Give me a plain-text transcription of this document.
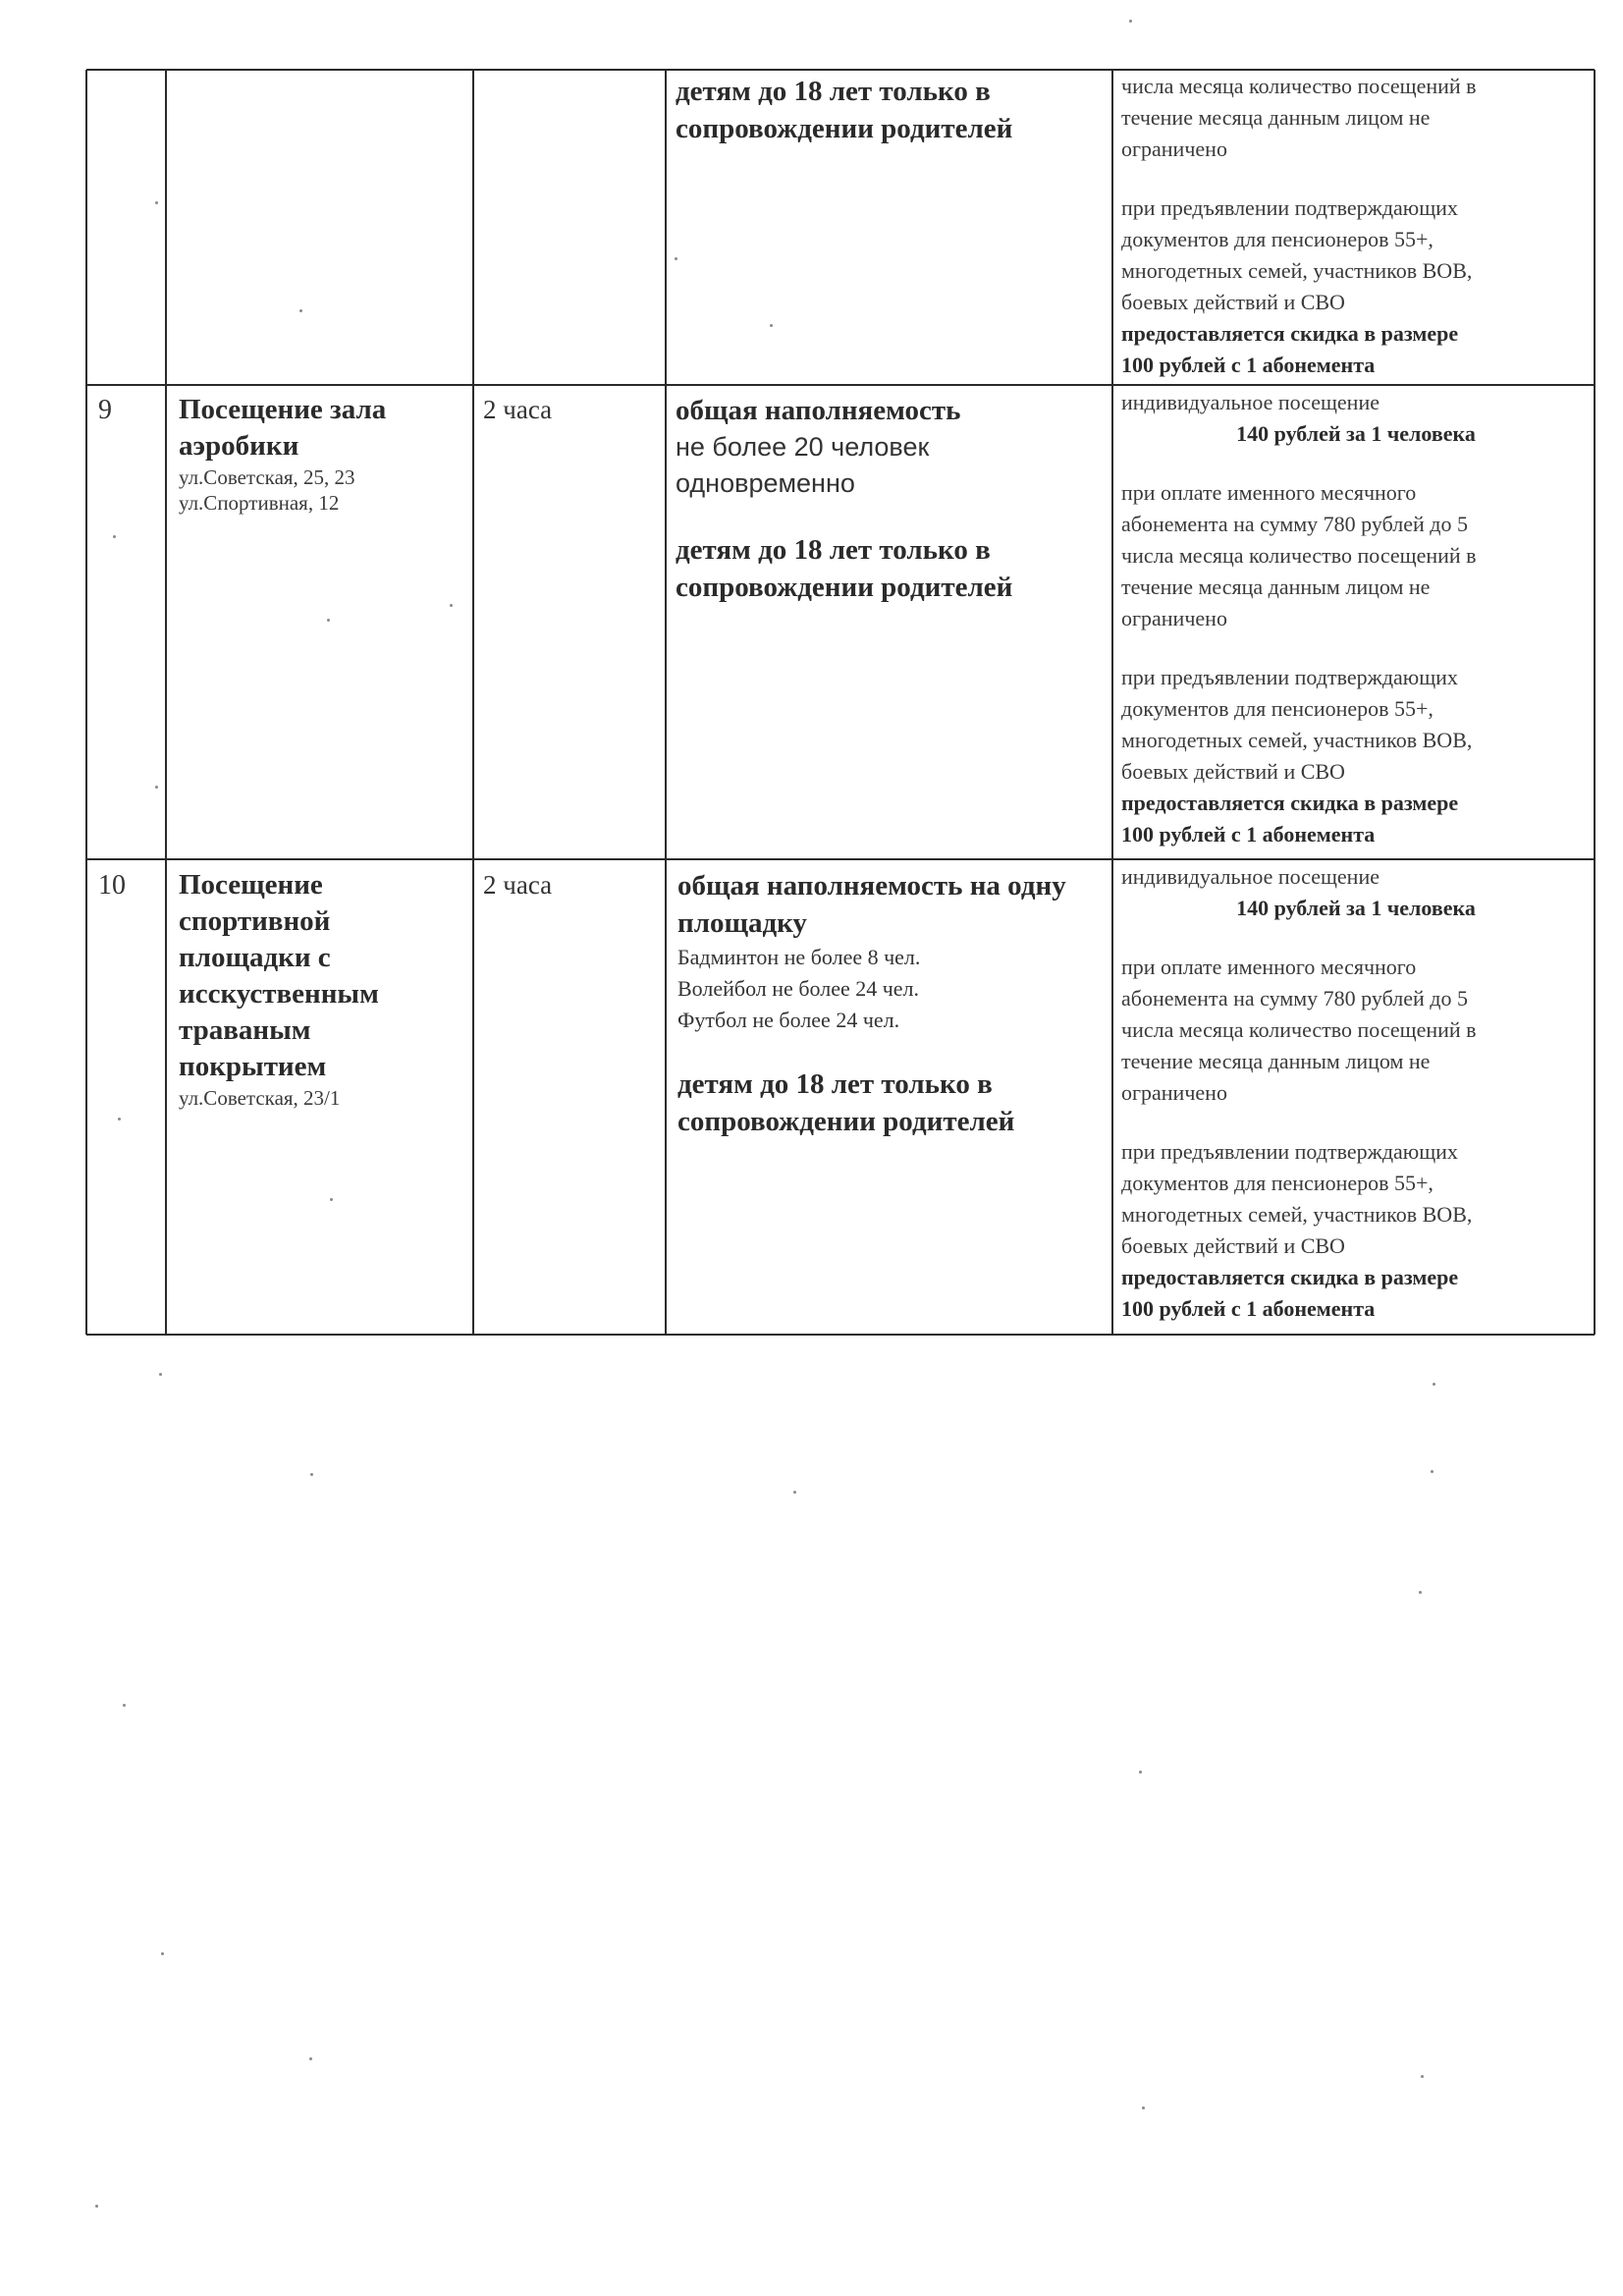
детям до 18 лет только в сопровождении родителей
числа месяца количество посещений в
течение месяца данным лицом не
ограничено
при предъявлении подтверждающих
документов для пенсионеров 55+,
многодетных семей, участников ВОВ,
боевых действий и СВО
предоставляется скидка в размере
100 рублей с 1 абонемента
9 Посещение зала
аэробики
ул.Советская, 25, 23
ул.Спортивная, 12
2 часа	общая наполняемость
не более 20 человек
одновременно
детям до 18 лет только в сопровождении родителей
индивидуальное посещение
140 рублей за 1 человека
при оплате именного месячного
абонемента на сумму 780 рублей до 5
числа месяца количество посещений в
течение месяца данным лицом не
ограничено
при предъявлении подтверждающих
документов для пенсионеров 55+,
многодетных семей, участников ВОВ,
боевых действий и СВО
предоставляется скидка в размере
100 рублей с 1 абонемента
10 Посещение
спортивной
площадки с
исскуственным
траваным
покрытием
ул.Советская, 23/1
2 часа	общая наполняемость на одну площадку
Бадминтон не более 8 чел.
Волейбол не более 24 чел.
Футбол не более 24 чел.
детям до 18 лет только в сопровождении родителей
индивидуальное посещение
140 рублей за 1 человека
при оплате именного месячного
абонемента на сумму 780 рублей до 5
числа месяца количество посещений в
течение месяца данным лицом не
ограничено
при предъявлении подтверждающих
документов для пенсионеров 55+,
многодетных семей, участников ВОВ,
боевых действий и СВО
предоставляется скидка в размере
100 рублей с 1 абонемента
